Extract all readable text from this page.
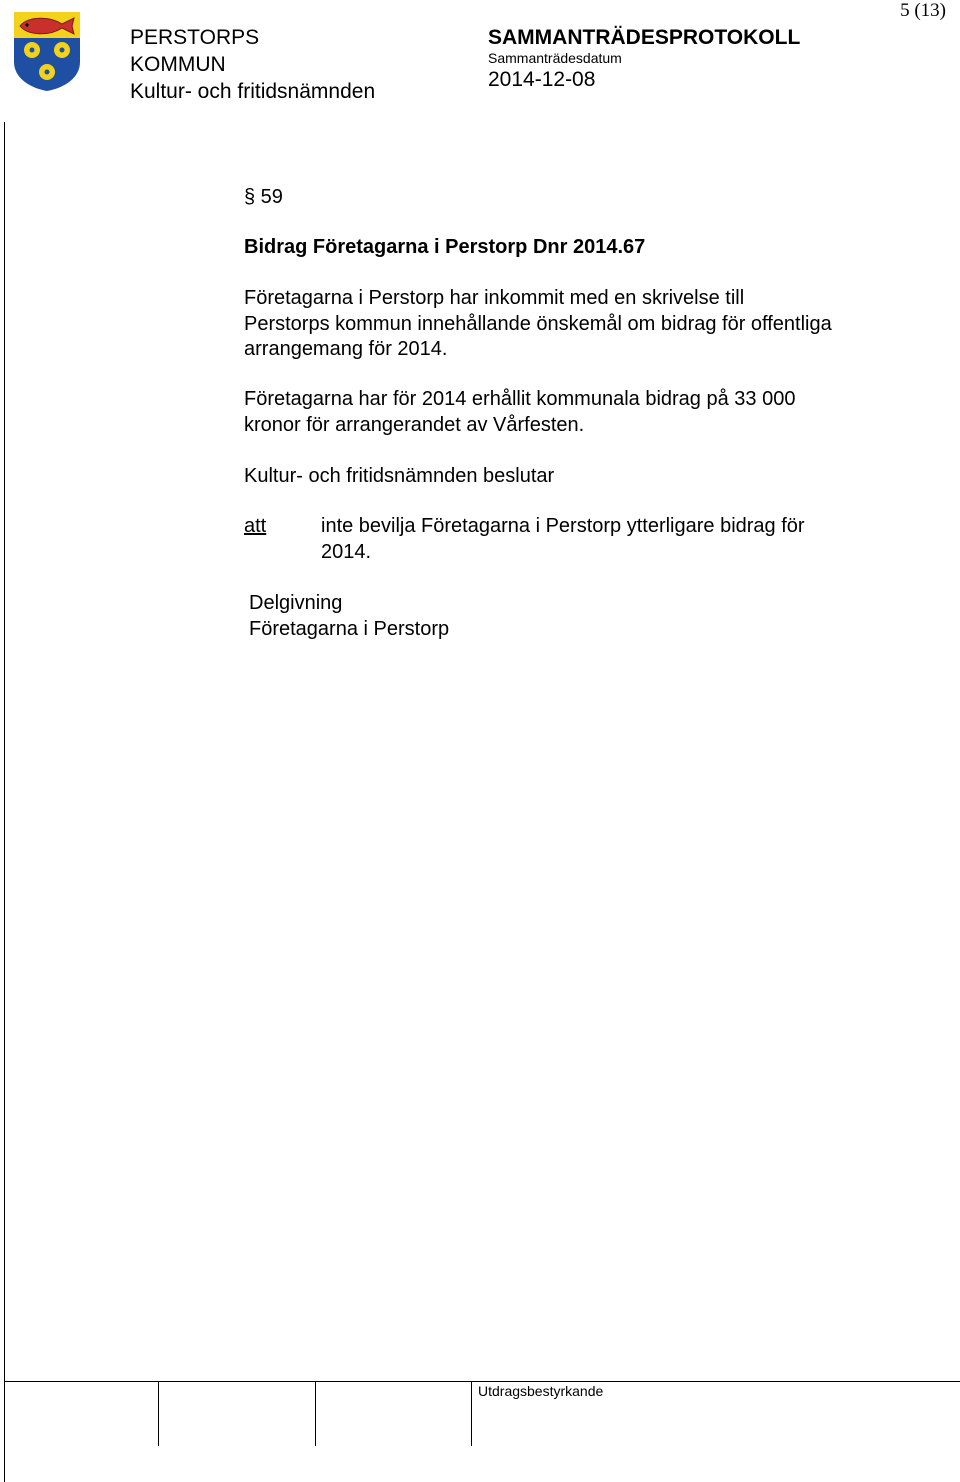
5 (13)
PERSTORPS
KOMMUN
Kultur- och fritidsnämnden
SAMMANTRÄDESPROTOKOLL
Sammanträdesdatum
2014-12-08
§ 59
Bidrag Företagarna i Perstorp Dnr 2014.67
Företagarna i Perstorp har inkommit med en skrivelse till
Perstorps kommun innehållande önskemål om bidrag för offentliga
arrangemang för 2014.
Företagarna har för 2014 erhållit kommunala bidrag på 33 000
kronor för arrangerandet av Vårfesten.
Kultur- och fritidsnämnden beslutar
att	inte bevilja Företagarna i Perstorp ytterligare bidrag för
2014.
Delgivning
Företagarna i Perstorp
Utdragsbestyrkande
